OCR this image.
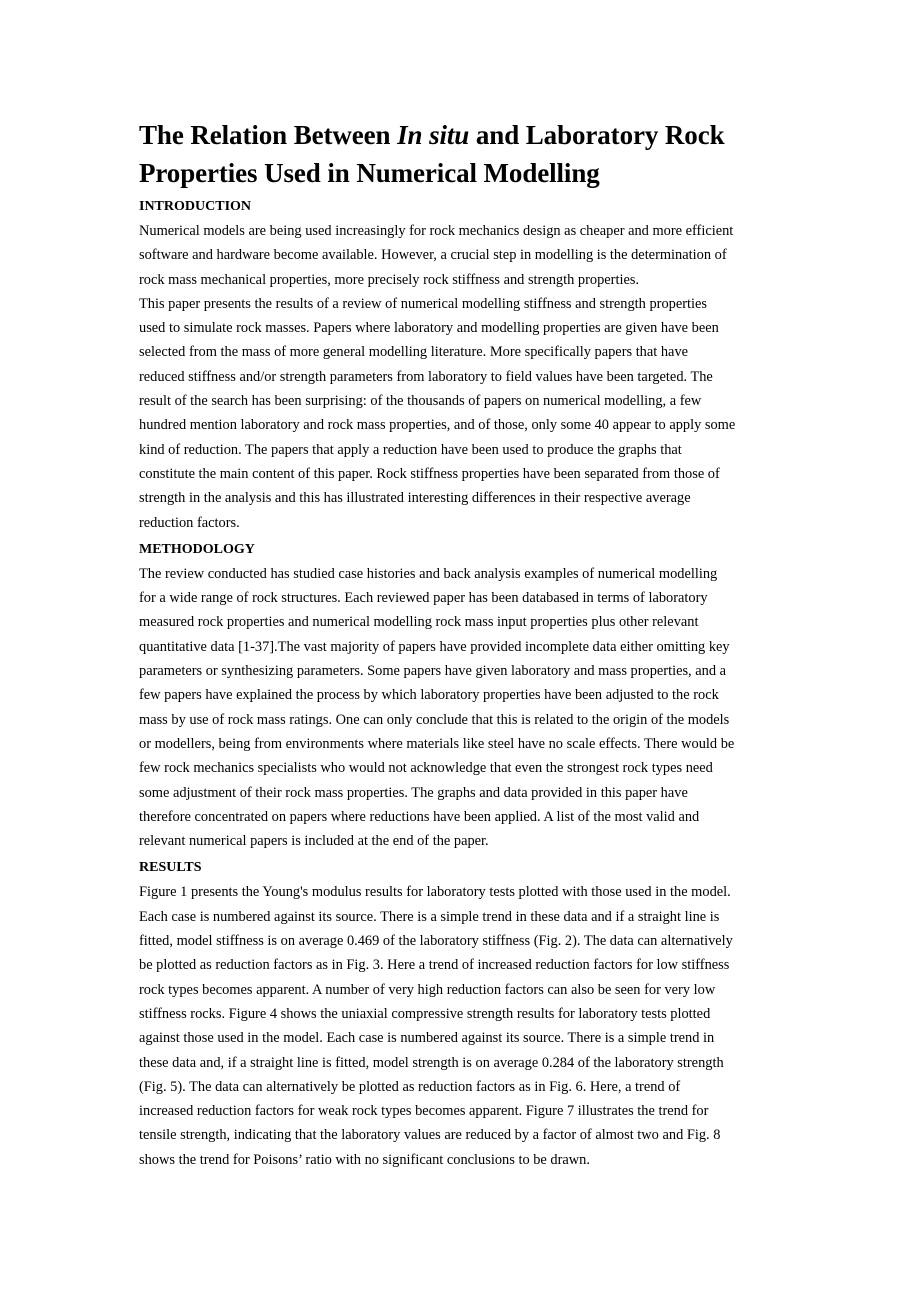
The Relation Between In situ and Laboratory Rock
Properties Used in Numerical Modelling
INTRODUCTION

Numerical models are being used increasingly for rock mechanics design as cheaper and more efficient
software and hardware become available. However, a crucial step in modelling is the determination of
rock mass mechanical properties, more precisely rock stiffness and strength properties.

This paper presents the results of a review of numerical modelling stiffness and strength properties
used to simulate rock masses. Papers where laboratory and modelling properties are given have been
selected from the mass of more general modelling literature. More specifically papers that have
reduced stiffness and/or strength parameters from laboratory to field values have been targeted. The
result of the search has been surprising: of the thousands of papers on numerical modelling, a few
hundred mention laboratory and rock mass properties, and of those, only some 40 appear to apply some
kind of reduction. The papers that apply a reduction have been used to produce the graphs that
constitute the main content of this paper. Rock stiffness properties have been separated from those of
strength in the analysis and this has illustrated interesting differences in their respective average
reduction factors.

METHODOLOGY

The review conducted has studied case histories and back analysis examples of numerical modelling
for a wide range of rock structures. Each reviewed paper has been databased in terms of laboratory
measured rock properties and numerical modelling rock mass input properties plus other relevant
quantitative data [1-37].The vast majority of papers have provided incomplete data either omitting key
parameters or synthesizing parameters. Some papers have given laboratory and mass properties, and a
few papers have explained the process by which laboratory properties have been adjusted to the rock
mass by use of rock mass ratings. One can only conclude that this is related to the origin of the models
or modellers, being from environments where materials like steel have no scale effects. There would be
few rock mechanics specialists who would not acknowledge that even the strongest rock types need
some adjustment of their rock mass properties. The graphs and data provided in this paper have
therefore concentrated on papers where reductions have been applied. A list of the most valid and
relevant numerical papers is included at the end of the paper.

RESULTS

Figure 1 presents the Young's modulus results for laboratory tests plotted with those used in the model.
Each case is numbered against its source. There is a simple trend in these data and if a straight line is
fitted, model stiffness is on average 0.469 of the laboratory stiffness (Fig. 2). The data can alternatively
be plotted as reduction factors as in Fig. 3. Here a trend of increased reduction factors for low stiffness
rock types becomes apparent. A number of very high reduction factors can also be seen for very low
stiffness rocks. Figure 4 shows the uniaxial compressive strength results for laboratory tests plotted
against those used in the model. Each case is numbered against its source. There is a simple trend in
these data and, if a straight line is fitted, model strength is on average 0.284 of the laboratory strength
(Fig. 5). The data can alternatively be plotted as reduction factors as in Fig. 6. Here, a trend of
increased reduction factors for weak rock types becomes apparent. Figure 7 illustrates the trend for
tensile strength, indicating that the laboratory values are reduced by a factor of almost two and Fig. 8
shows the trend for Poisons’ ratio with no significant conclusions to be drawn.
